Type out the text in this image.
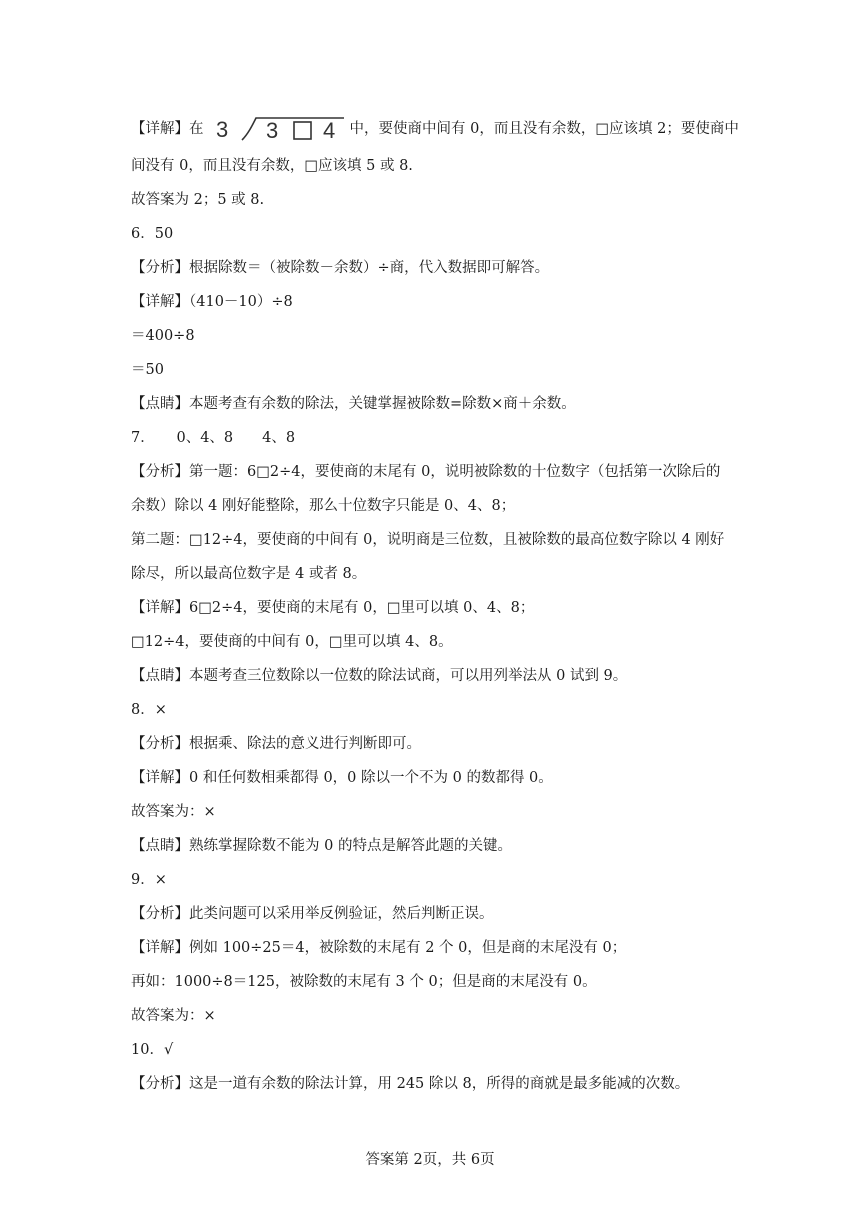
【详解】在 3 3 4 中，要使商中间有 0，而且没有余数，□应该填 2；要使商中
间没有 0，而且没有余数，□应该填 5 或 8.
故答案为 2；5 或 8.
6．50
【分析】根据除数＝（被除数－余数）÷商，代入数据即可解答。
【详解】（410－10）÷8
＝400÷8
＝50
【点睛】本题考查有余数的除法，关键掌握被除数=除数×商＋余数。
7．　　0、4、8　　4、8
【分析】第一题：6□2÷4，要使商的末尾有 0，说明被除数的十位数字（包括第一次除后的
余数）除以 4 刚好能整除，那么十位数字只能是 0、4、8；
第二题：□12÷4，要使商的中间有 0，说明商是三位数，且被除数的最高位数字除以 4 刚好
除尽，所以最高位数字是 4 或者 8。
【详解】6□2÷4，要使商的末尾有 0，□里可以填 0、4、8；
□12÷4，要使商的中间有 0，□里可以填 4、8。
【点睛】本题考查三位数除以一位数的除法试商，可以用列举法从 0 试到 9。
8．×
【分析】根据乘、除法的意义进行判断即可。
【详解】0 和任何数相乘都得 0，0 除以一个不为 0 的数都得 0。
故答案为：×
【点睛】熟练掌握除数不能为 0 的特点是解答此题的关键。
9．×
【分析】此类问题可以采用举反例验证，然后判断正误。
【详解】例如 100÷25＝4，被除数的末尾有 2 个 0，但是商的末尾没有 0；
再如：1000÷8＝125，被除数的末尾有 3 个 0；但是商的末尾没有 0。
故答案为：×
10．√
【分析】这是一道有余数的除法计算，用 245 除以 8，所得的商就是最多能减的次数。
答案第 2页，共 6页
